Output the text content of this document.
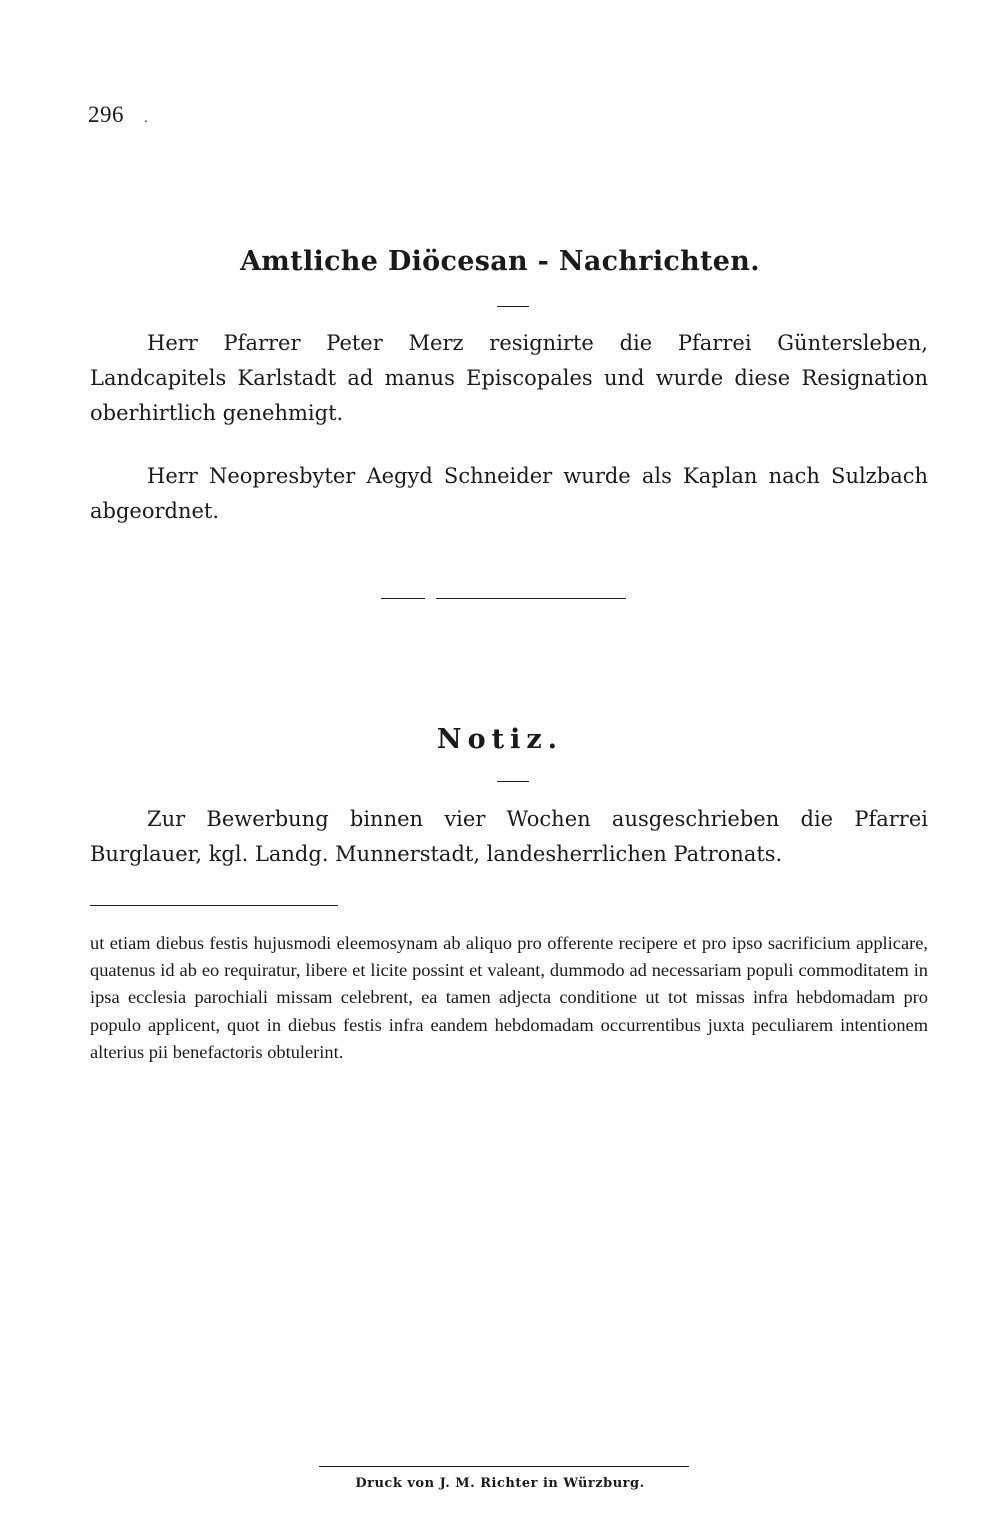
296 .
Amtliche Diöcesan - Nachrichten.

Herr Pfarrer Peter Merz resignirte die Pfarrei Güntersleben, Landcapitels Karlstadt ad manus Episcopales und wurde diese Resignation oberhirtlich genehmigt.

Herr Neopresbyter Aegyd Schneider wurde als Kaplan nach Sulzbach abgeordnet.

Notiz.

Zur Bewerbung binnen vier Wochen ausgeschrieben die Pfarrei Burglauer, kgl. Landg. Munnerstadt, landesherrlichen Patronats.

ut etiam diebus festis hujusmodi eleemosynam ab aliquo pro offerente recipere et pro ipso sacrificium applicare, quatenus id ab eo requiratur, libere et licite possint et valeant, dummodo ad necessariam populi commoditatem in ipsa ecclesia parochiali missam celebrent, ea tamen adjecta conditione ut tot missas infra hebdomadam pro populo applicent, quot in diebus festis infra eandem hebdomadam occurrentibus juxta peculiarem intentionem alterius pii benefactoris obtulerint.

Druck von J. M. Richter in Würzburg.
